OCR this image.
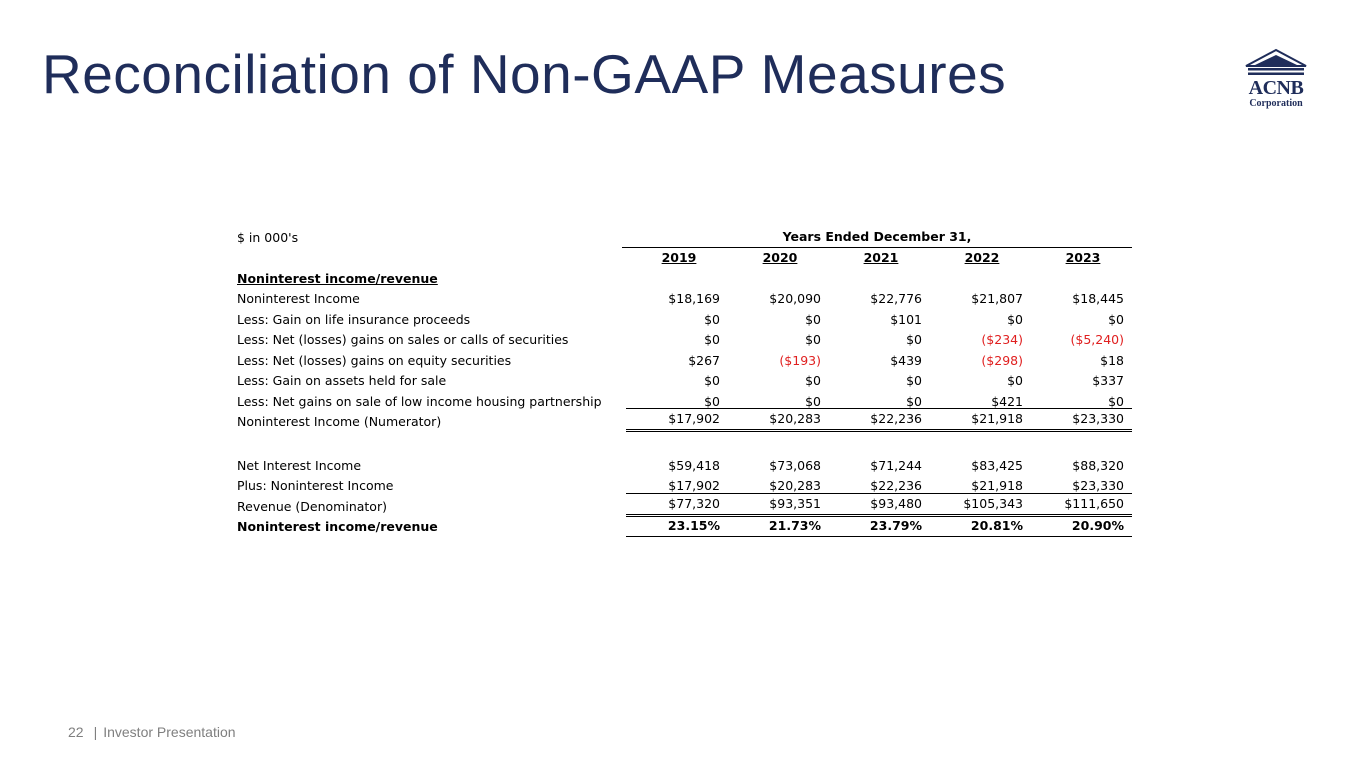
Reconciliation of Non-GAAP Measures	ACNB
Corporation
$ in 000's	Years Ended December 31,
2019	2020	2021	2022	2023
Noninterest income/revenue
Noninterest Income	$18,169	$20,090	$22,776	$21,807	$18,445
Less: Gain on life insurance proceeds	$0	$0	$101	$0	$0
Less: Net (losses) gains on sales or calls of securities	$0	$0	$0	($234)	($5,240)
Less: Net (losses) gains on equity securities	$267	($193)	$439	($298)	$18
Less: Gain on assets held for sale	$0	$0	$0	$0	$337
Less: Net gains on sale of low income housing partnership	$0	$0	$0	$421	$0
Noninterest Income (Numerator)	$17,902	$20,283	$22,236	$21,918	$23,330
Net Interest Income	$59,418	$73,068	$71,244	$83,425	$88,320
Plus: Noninterest Income	$17,902	$20,283	$22,236	$21,918	$23,330
Revenue (Denominator)	$77,320	$93,351	$93,480	$105,343	$111,650
Noninterest income/revenue	23.15%	21.73%	23.79%	20.81%	20.90%
22 | Investor Presentation
